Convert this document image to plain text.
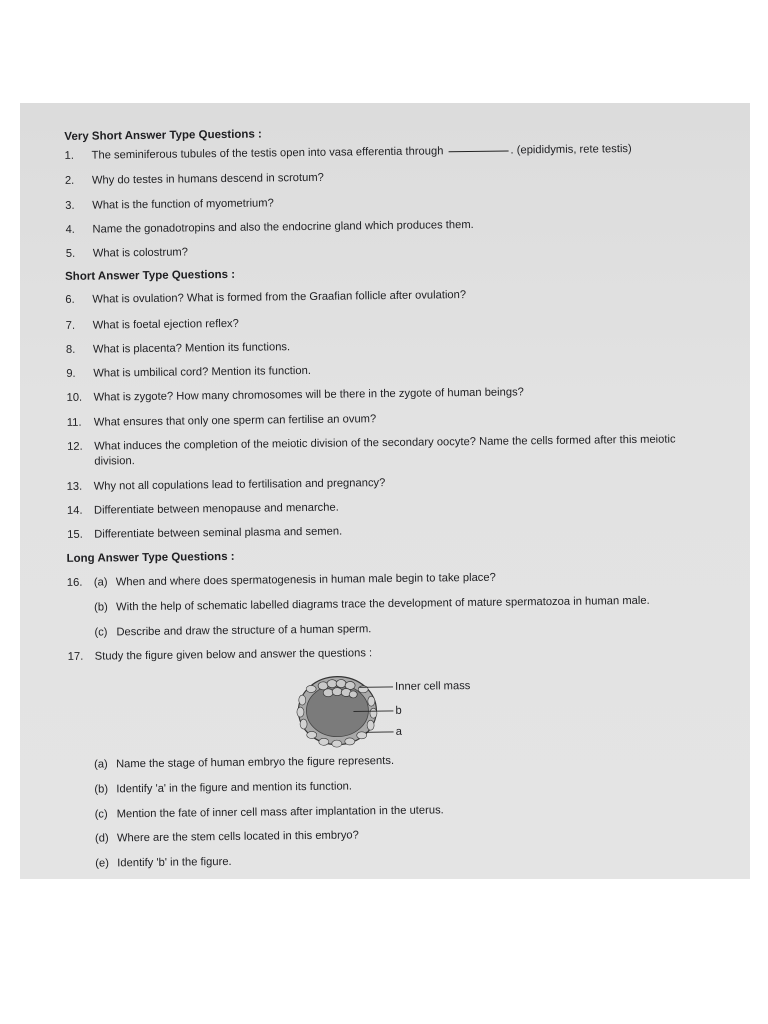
Very Short Answer Type Questions :
1.	The seminiferous tubules of the testis open into vasa efferentia through	. (epididymis, rete testis)
2.	Why do testes in humans descend in scrotum?
3.	What is the function of myometrium?
4.	Name the gonadotropins and also the endocrine gland which produces them.
5.	What is colostrum?
Short Answer Type Questions :
6.	What is ovulation? What is formed from the Graafian follicle after ovulation?
7.	What is foetal ejection reflex?
8.	What is placenta? Mention its functions.
9.	What is umbilical cord? Mention its function.
10.	What is zygote? How many chromosomes will be there in the zygote of human beings?
11.	What ensures that only one sperm can fertilise an ovum?
12.	What induces the completion of the meiotic division of the secondary oocyte? Name the cells formed after this meiotic division.
13.	Why not all copulations lead to fertilisation and pregnancy?
14.	Differentiate between menopause and menarche.
15.	Differentiate between seminal plasma and semen.
Long Answer Type Questions :
16.	(a) When and where does spermatogenesis in human male begin to take place?
(b) With the help of schematic labelled diagrams trace the development of mature spermatozoa in human male.
(c) Describe and draw the structure of a human sperm.
17.	Study the figure given below and answer the questions :
Inner cell mass
b
a
(a) Name the stage of human embryo the figure represents.
(b) Identify 'a' in the figure and mention its function.
(c) Mention the fate of inner cell mass after implantation in the uterus.
(d) Where are the stem cells located in this embryo?
(e) Identify 'b' in the figure.
